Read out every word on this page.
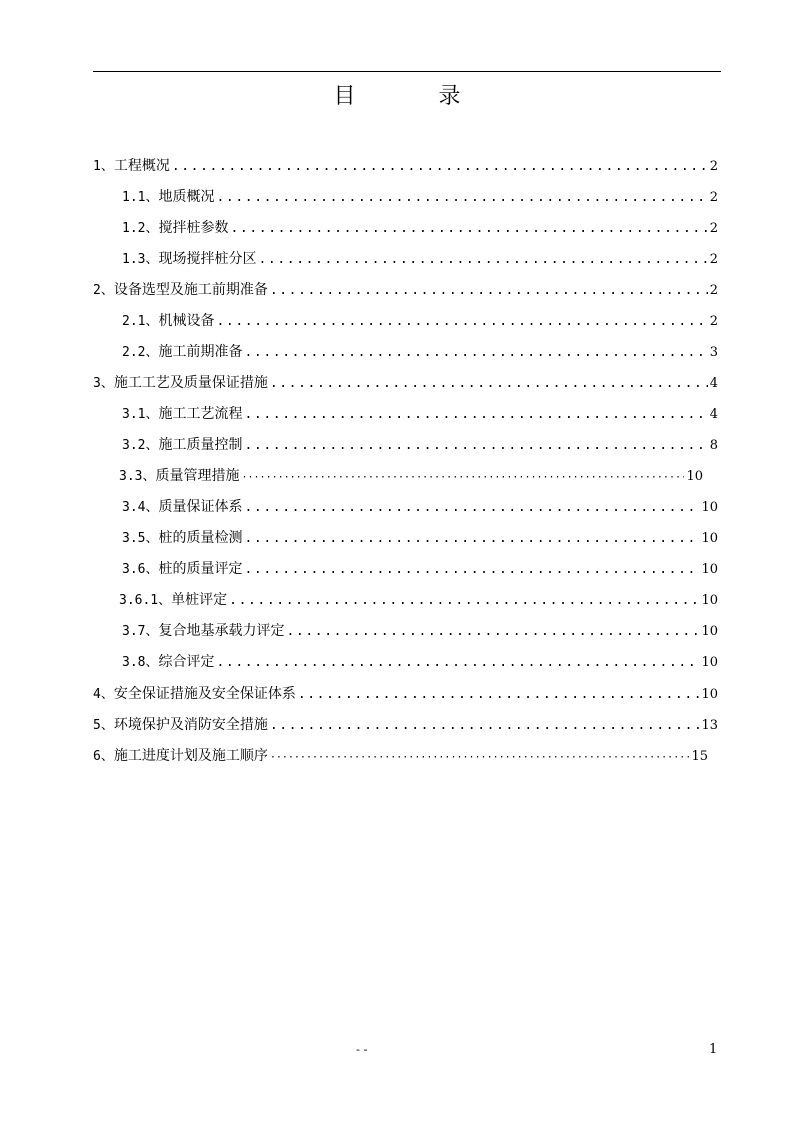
目 录
1、 工程概况 .....	2
1.1、 地质概况 .....	2
1.2、 搅拌桩参数 .....	2
1.3、 现场搅拌桩分区 .....	2
2、 设备选型及施工前期准备 .....	2
2.1、 机械设备 .....	2
2.2、 施工前期准备 .....	3
3、 施工工艺及质量保证措施 .....	4
3.1、 施工工艺流程 .....	4
3.2、 施工质量控制 .....	8
3.3、 质量管理措施 ·····	10
3.4、 质量保证体系 .....	10
3.5、 桩的质量检测 .....	10
3.6、 桩的质量评定 .....	10
3.6.1、 单桩评定 .....	10
3.7、 复合地基承载力评定 .....	10
3.8、 综合评定 .....	10
4、 安全保证措施及安全保证体系 .....	10
5、 环境保护及消防安全措施 .....	13
6、 施工进度计划及施工顺序 ·····	15
- -	1
